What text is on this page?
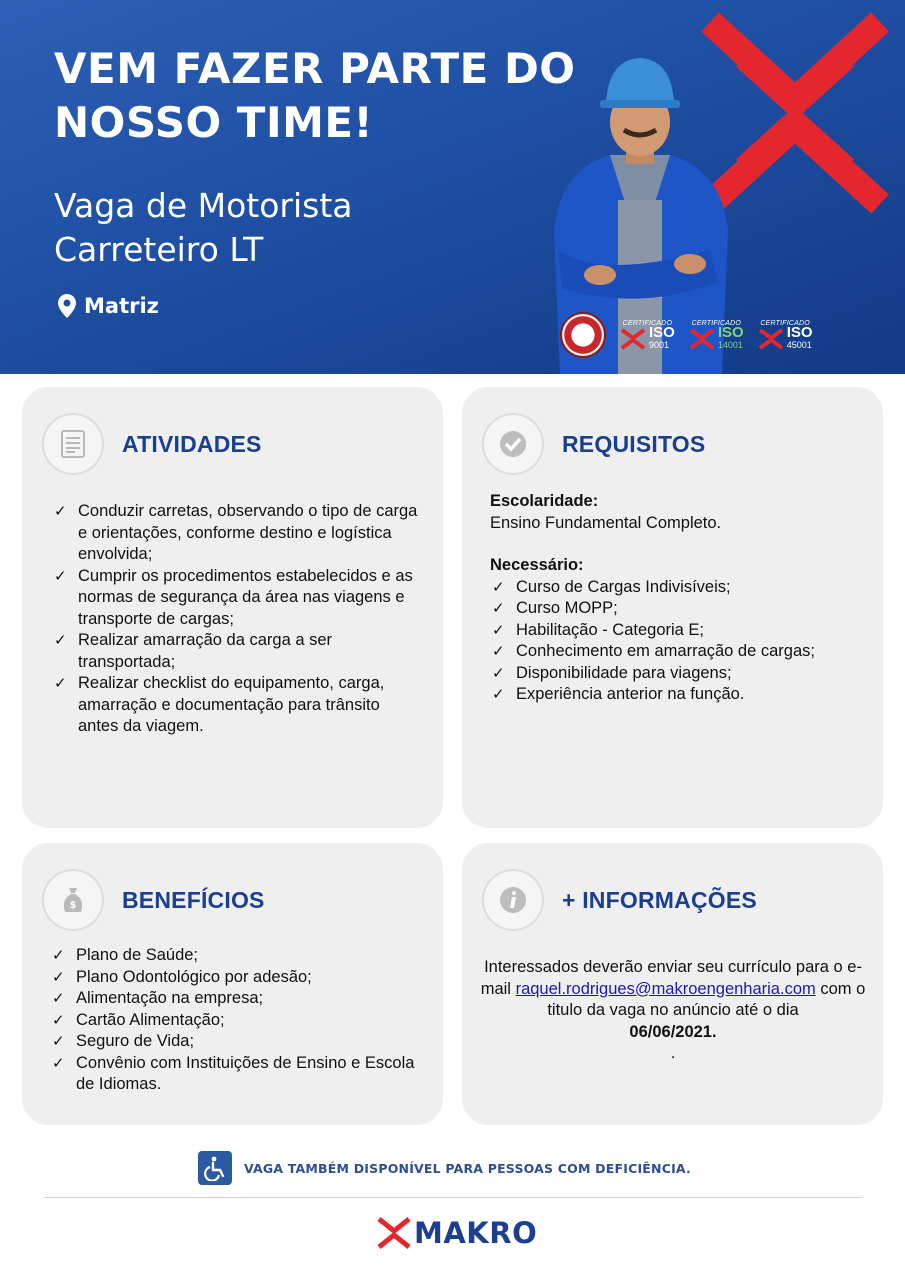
VEM FAZER PARTE DO NOSSO TIME!
Vaga de Motorista Carreteiro LT
Matriz
CERTIFICADO
ISO
9001
CERTIFICADO
ISO
14001
CERTIFICADO
ISO
45001
ATIVIDADES
✓ Conduzir carretas, observando o tipo de carga e orientações, conforme destino e logística envolvida;
✓ Cumprir os procedimentos estabelecidos e as normas de segurança da área nas viagens e transporte de cargas;
✓ Realizar amarração da carga a ser transportada;
✓ Realizar checklist do equipamento, carga, amarração e documentação para trânsito antes da viagem.
REQUISITOS
Escolaridade:
Ensino Fundamental Completo.
Necessário:
✓ Curso de Cargas Indivisíveis;
✓ Curso MOPP;
✓ Habilitação - Categoria E;
✓ Conhecimento em amarração de cargas;
✓ Disponibilidade para viagens;
✓ Experiência anterior na função.
$ BENEFÍCIOS
✓ Plano de Saúde;
✓ Plano Odontológico por adesão;
✓ Alimentação na empresa;
✓ Cartão Alimentação;
✓ Seguro de Vida;
✓ Convênio com Instituições de Ensino e Escola de Idiomas.
+ INFORMAÇÕES
Interessados deverão enviar seu currículo para o e-mail raquel.rodrigues@makroengenharia.com com o titulo da vaga no anúncio até o dia
06/06/2021.
.
VAGA TAMBÉM DISPONÍVEL PARA PESSOAS COM DEFICIÊNCIA.
MAKRO
